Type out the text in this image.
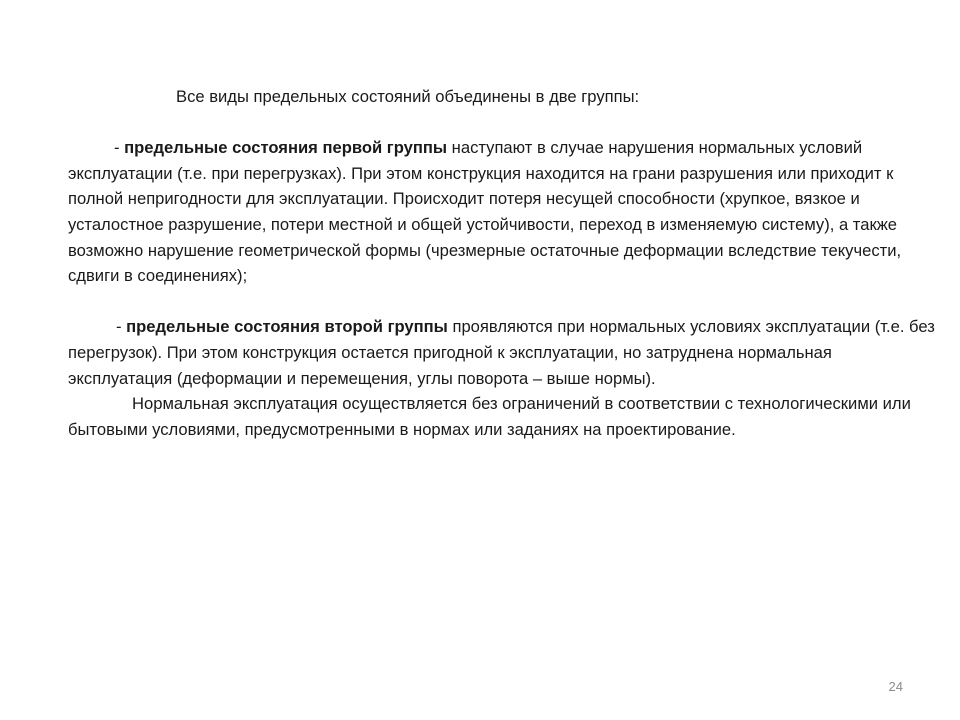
Все виды предельных состояний объединены в две группы:

- предельные состояния первой группы наступают в случае нарушения нормальных условий эксплуатации (т.е. при перегрузках). При этом конструкция находится на грани разрушения или приходит к полной непригодности для эксплуатации. Происходит потеря несущей способности (хрупкое, вязкое и усталостное разрушение, потери местной и общей устойчивости, переход в изменяемую систему), а также возможно нарушение геометрической формы (чрезмерные остаточные деформации вследствие текучести, сдвиги в соединениях);

- предельные состояния второй группы проявляются при нормальных условиях эксплуатации (т.е. без перегрузок). При этом конструкция остается пригодной к эксплуатации, но затруднена нормальная эксплуатация (деформации и перемещения, углы поворота – выше нормы).

Нормальная эксплуатация осуществляется без ограничений в соответствии с технологическими или бытовыми условиями, предусмотренными в нормах или заданиях на проектирование.

24
